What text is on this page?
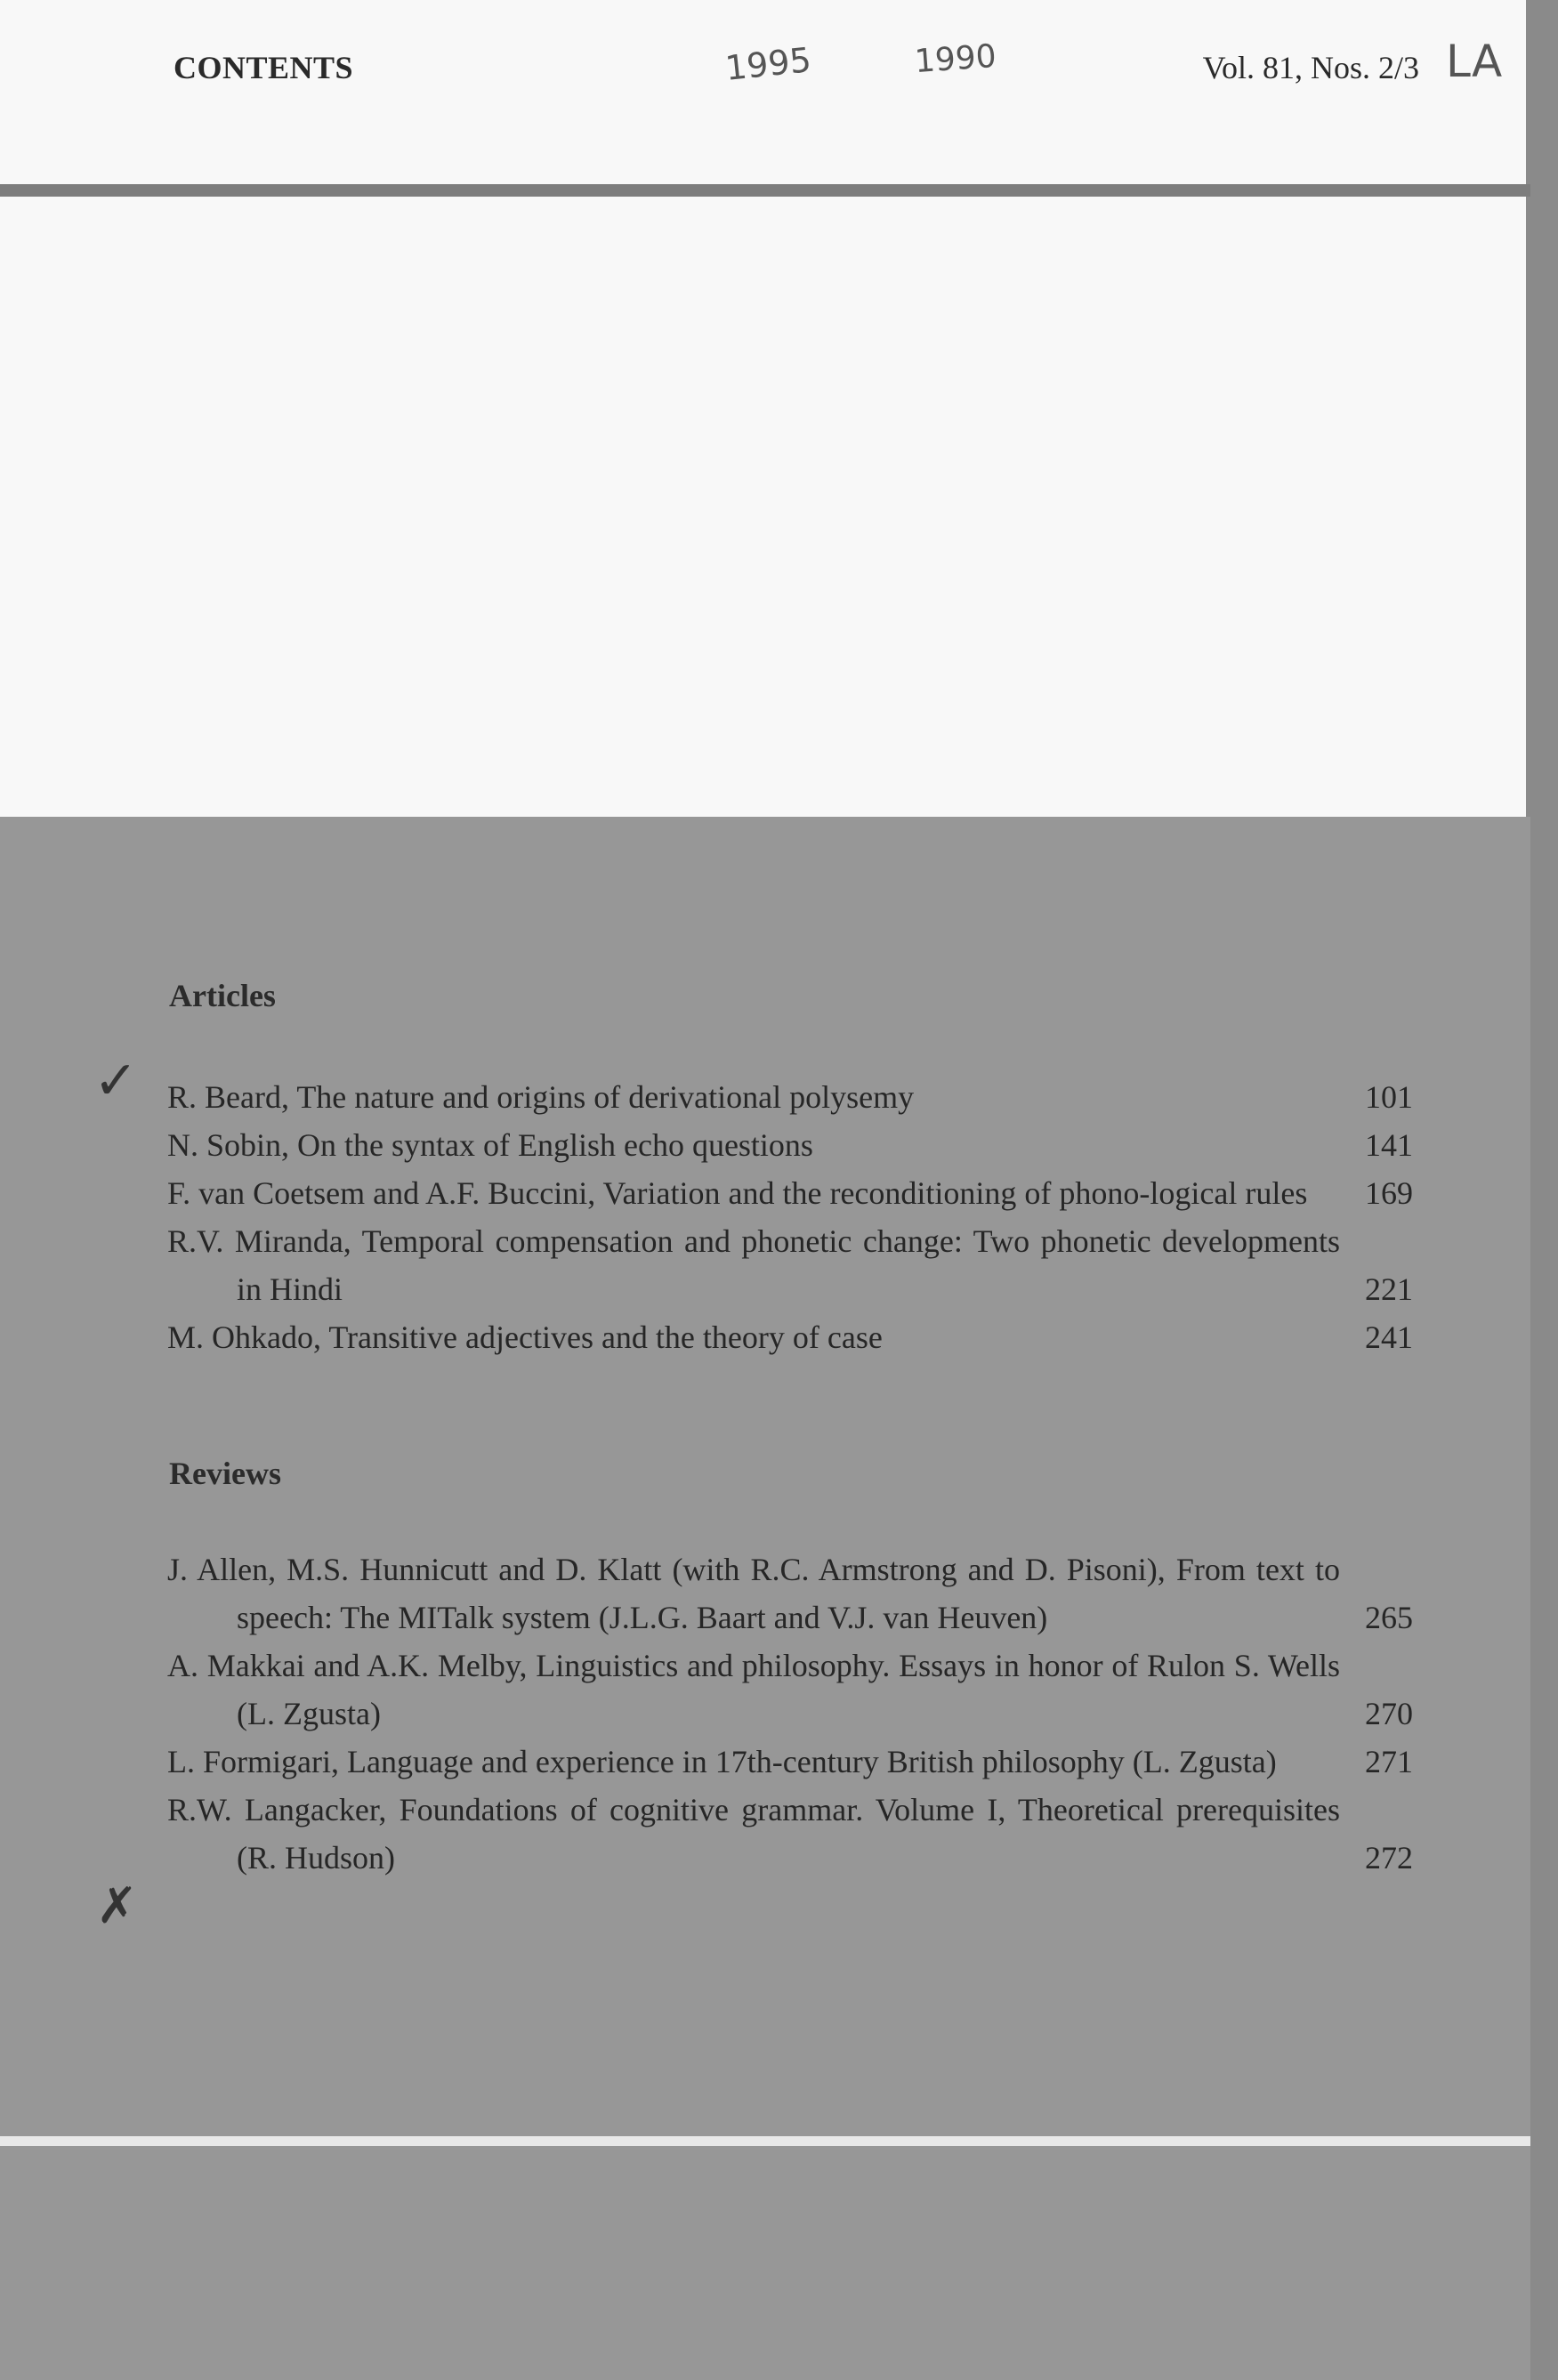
CONTENTS	Vol. 81, Nos. 2/3
1995	1990	LA
Articles
✓ R. Beard, The nature and origins of derivational polysemy	101
N. Sobin, On the syntax of English echo questions	141
F. van Coetsem and A.F. Buccini, Variation and the reconditioning of phono-logical rules	169
R.V. Miranda, Temporal compensation and phonetic change: Two phonetic developments in Hindi	221
M. Ohkado, Transitive adjectives and the theory of case	241
Reviews
J. Allen, M.S. Hunnicutt and D. Klatt (with R.C. Armstrong and D. Pisoni), From text to speech: The MITalk system (J.L.G. Baart and V.J. van Heuven)	265
A. Makkai and A.K. Melby, Linguistics and philosophy. Essays in honor of Rulon S. Wells (L. Zgusta)	270
L. Formigari, Language and experience in 17th-century British philosophy (L. Zgusta)	271
R.W. Langacker, Foundations of cognitive grammar. Volume I, Theoretical prerequisites (R. Hudson)	272
✗
